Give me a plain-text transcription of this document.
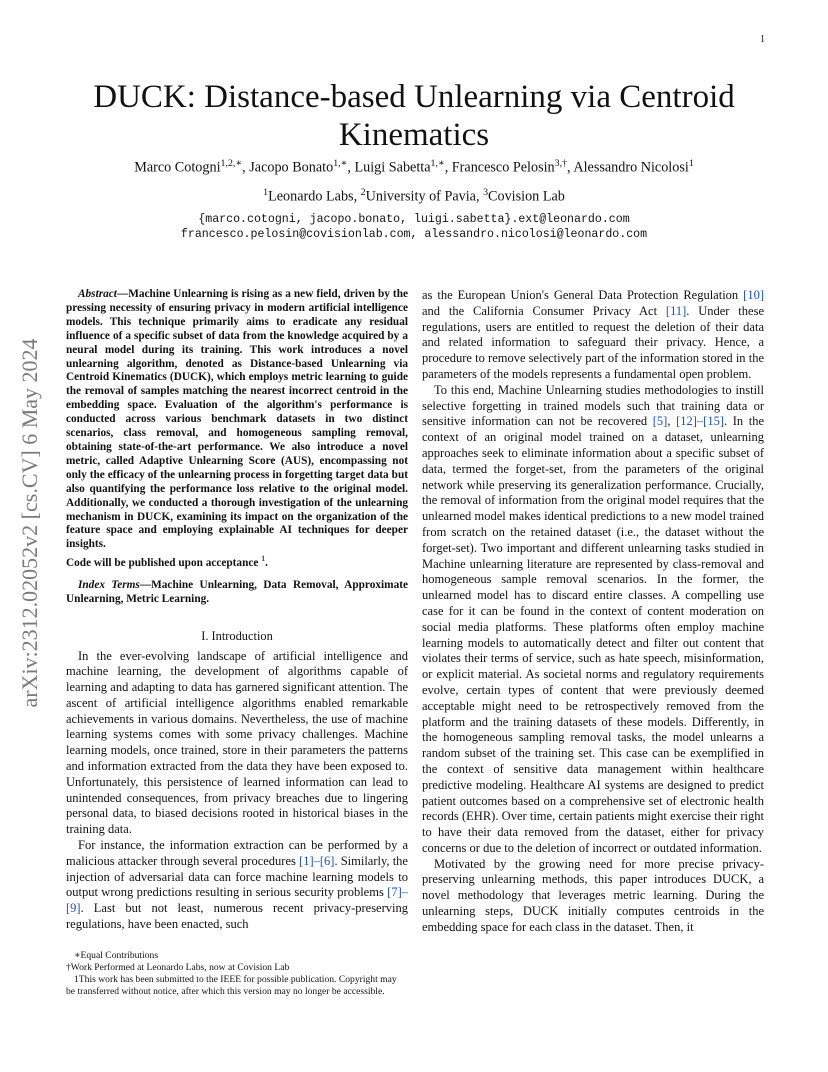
1
arXiv:2312.02052v2 [cs.CV] 6 May 2024
DUCK: Distance-based Unlearning via Centroid Kinematics
Marco Cotogni$^{1,2,∗}$, Jacopo Bonato$^{1,∗}$, Luigi Sabetta$^{1,∗}$, Francesco Pelosin$^{3,\dagger}$, Alessandro Nicolosi$^1$
$^1$Leonardo Labs, $^2$University of Pavia, $^3$Covision Lab
{marco.cotogni, jacopo.bonato, luigi.sabetta}.ext@leonardo.com
francesco.pelosin@covisionlab.com, alessandro.nicolosi@leonardo.com

Abstract—Machine Unlearning is rising as a new field, driven by the pressing necessity of ensuring privacy in modern artificial intelligence models. This technique primarily aims to eradicate any residual influence of a specific subset of data from the knowledge acquired by a neural model during its training. This work introduces a novel unlearning algorithm, denoted as Distance-based Unlearning via Centroid Kinematics (DUCK), which employs metric learning to guide the removal of samples matching the nearest incorrect centroid in the embedding space. Evaluation of the algorithm's performance is conducted across various benchmark datasets in two distinct scenarios, class removal, and homogeneous sampling removal, obtaining state-of-the-art performance. We also introduce a novel metric, called Adaptive Unlearning Score (AUS), encompassing not only the efficacy of the unlearning process in forgetting target data but also quantifying the performance loss relative to the original model. Additionally, we conducted a thorough investigation of the unlearning mechanism in DUCK, examining its impact on the organization of the feature space and employing explainable AI techniques for deeper insights.

Code will be published upon acceptance $^1$.

Index Terms—Machine Unlearning, Data Removal, Approximate Unlearning, Metric Learning.

I. Introduction

In the ever-evolving landscape of artificial intelligence and machine learning, the development of algorithms capable of learning and adapting to data has garnered significant attention. The ascent of artificial intelligence algorithms enabled remarkable achievements in various domains. Nevertheless, the use of machine learning systems comes with some privacy challenges. Machine learning models, once trained, store in their parameters the patterns and information extracted from the data they have been exposed to. Unfortunately, this persistence of learned information can lead to unintended consequences, from privacy breaches due to lingering personal data, to biased decisions rooted in historical biases in the training data.

For instance, the information extraction can be performed by a malicious attacker through several procedures [1]–[6]. Similarly, the injection of adversarial data can force machine learning models to output wrong predictions resulting in serious security problems [7]–[9]. Last but not least, numerous recent privacy-preserving regulations, have been enacted, such

∗Equal Contributions

†Work Performed at Leonardo Labs, now at Covision Lab

1This work has been submitted to the IEEE for possible publication. Copyright may be transferred without notice, after which this version may no longer be accessible.

as the European Union's General Data Protection Regulation [10] and the California Consumer Privacy Act [11]. Under these regulations, users are entitled to request the deletion of their data and related information to safeguard their privacy. Hence, a procedure to remove selectively part of the information stored in the parameters of the models represents a fundamental open problem.

To this end, Machine Unlearning studies methodologies to instill selective forgetting in trained models such that training data or sensitive information can not be recovered [5], [12]–[15]. In the context of an original model trained on a dataset, unlearning approaches seek to eliminate information about a specific subset of data, termed the forget-set, from the parameters of the original network while preserving its generalization performance. Crucially, the removal of information from the original model requires that the unlearned model makes identical predictions to a new model trained from scratch on the retained dataset (i.e., the dataset without the forget-set). Two important and different unlearning tasks studied in Machine unlearning literature are represented by class-removal and homogeneous sample removal scenarios. In the former, the unlearned model has to discard entire classes. A compelling use case for it can be found in the context of content moderation on social media platforms. These platforms often employ machine learning models to automatically detect and filter out content that violates their terms of service, such as hate speech, misinformation, or explicit material. As societal norms and regulatory requirements evolve, certain types of content that were previously deemed acceptable might need to be retrospectively removed from the platform and the training datasets of these models. Differently, in the homogeneous sampling removal tasks, the model unlearns a random subset of the training set. This case can be exemplified in the context of sensitive data management within healthcare predictive modeling. Healthcare AI systems are designed to predict patient outcomes based on a comprehensive set of electronic health records (EHR). Over time, certain patients might exercise their right to have their data removed from the dataset, either for privacy concerns or due to the deletion of incorrect or outdated information.

Motivated by the growing need for more precise privacy-preserving unlearning methods, this paper introduces DUCK, a novel methodology that leverages metric learning. During the unlearning steps, DUCK initially computes centroids in the embedding space for each class in the dataset. Then, it
